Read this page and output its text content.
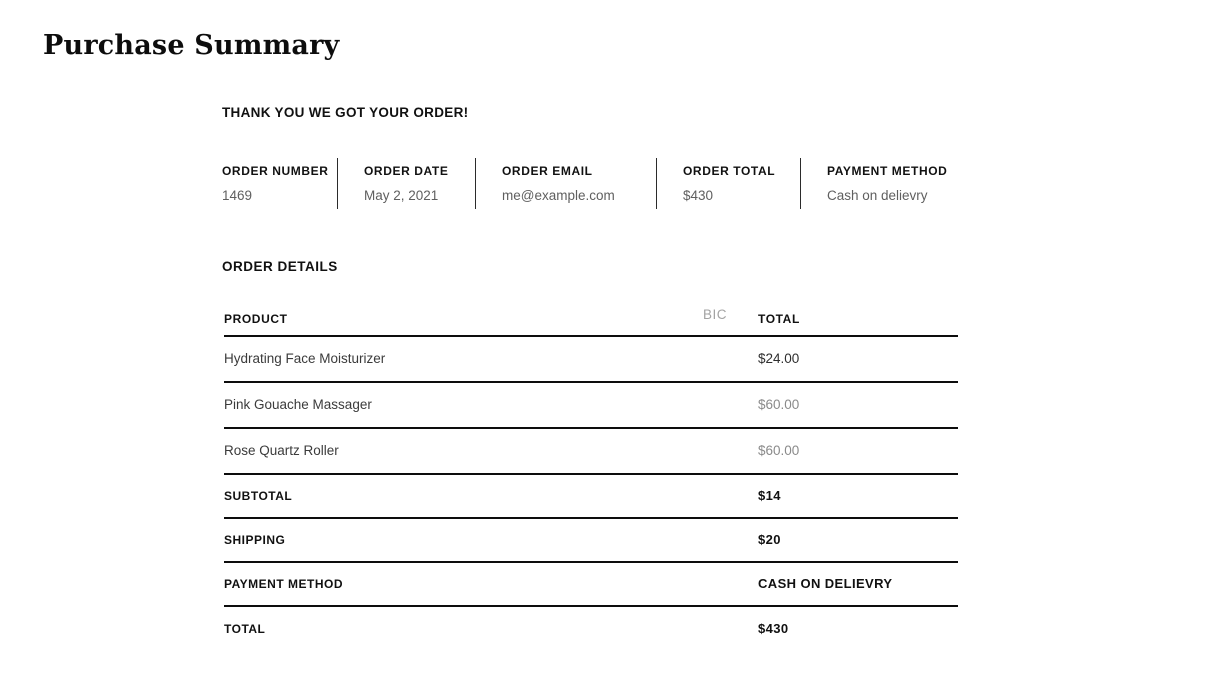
Purchase Summary
THANK YOU WE GOT YOUR ORDER!
ORDER NUMBER
1469
ORDER DATE
May 2, 2021
ORDER EMAIL
me@example.com
ORDER TOTAL
$430
PAYMENT METHOD
Cash on delievry
ORDER DETAILS
PRODUCT	BIC	TOTAL
Hydrating Face Moisturizer	$24.00
Pink Gouache Massager	$60.00
Rose Quartz Roller	$60.00
SUBTOTAL	$14
SHIPPING	$20
PAYMENT METHOD	CASH ON DELIEVRY
TOTAL	$430
